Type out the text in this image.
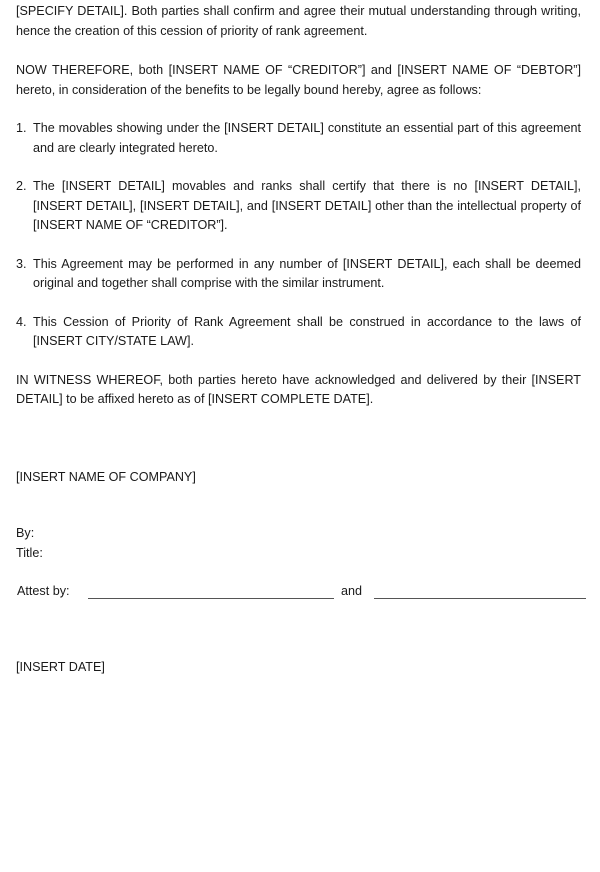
[SPECIFY DETAIL]. Both parties shall confirm and agree their mutual understanding through writing, hence the creation of this cession of priority of rank agreement.

NOW THEREFORE, both [INSERT NAME OF “CREDITOR”] and [INSERT NAME OF “DEBTOR”] hereto, in consideration of the benefits to be legally bound hereby, agree as follows:

1. The movables showing under the [INSERT DETAIL] constitute an essential part of this agreement and are clearly integrated hereto.
2. The [INSERT DETAIL] movables and ranks shall certify that there is no [INSERT DETAIL], [INSERT DETAIL], [INSERT DETAIL], and [INSERT DETAIL] other than the intellectual property of [INSERT NAME OF “CREDITOR”].
3. This Agreement may be performed in any number of [INSERT DETAIL], each shall be deemed original and together shall comprise with the similar instrument.
4. This Cession of Priority of Rank Agreement shall be construed in accordance to the laws of [INSERT CITY/STATE LAW].

IN WITNESS WHEREOF, both parties hereto have acknowledged and delivered by their [INSERT DETAIL] to be affixed hereto as of [INSERT COMPLETE DATE].

[INSERT NAME OF COMPANY]

By:

Title:

Attest by:	and

[INSERT DATE]
